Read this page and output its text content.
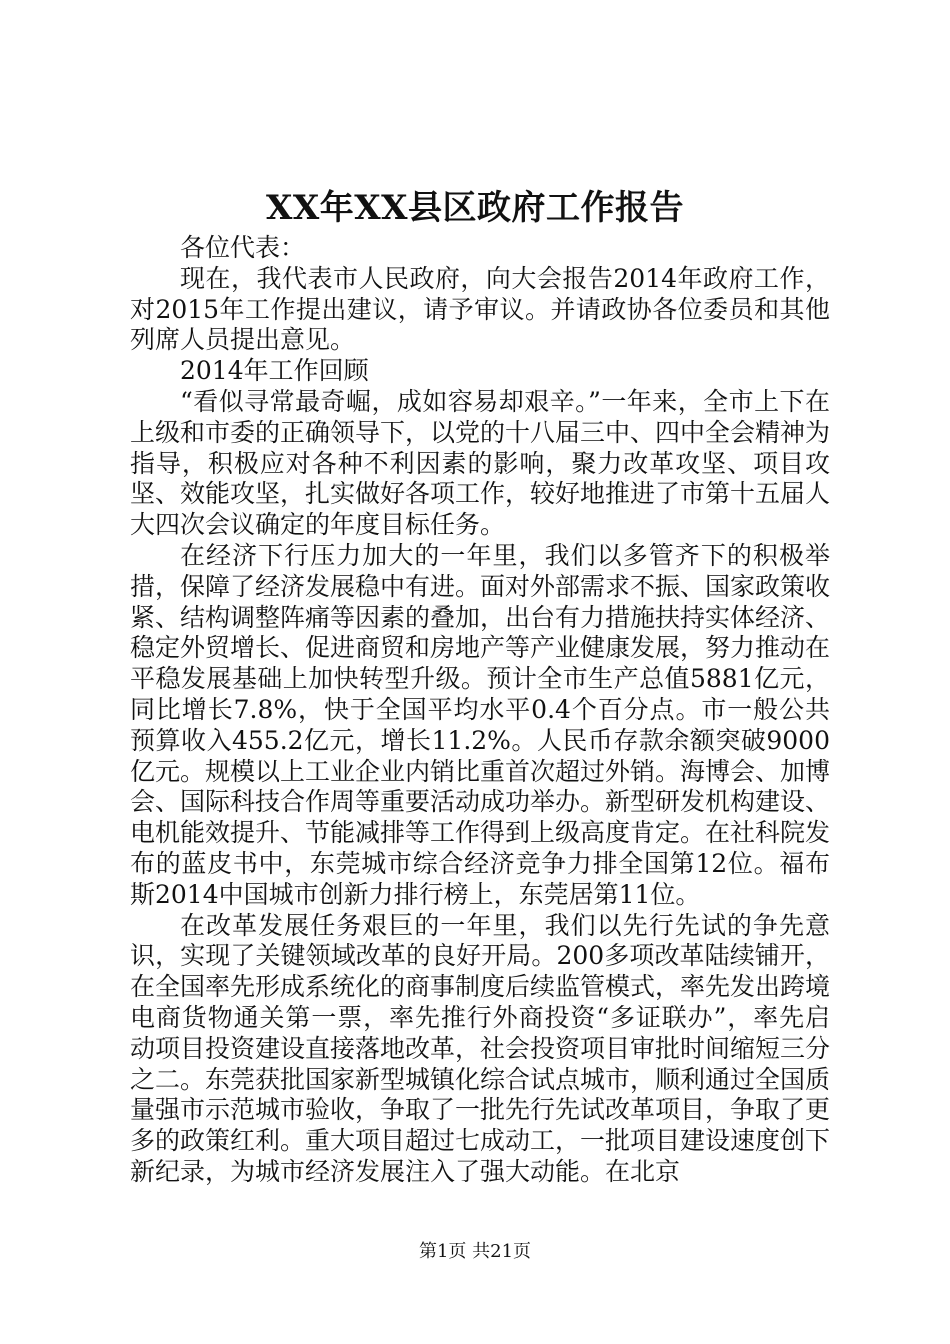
XX年XX县区政府工作报告

各位代表：

现在，我代表市人民政府，向大会报告2014年政府工作，对2015年工作提出建议，请予审议。并请政协各位委员和其他列席人员提出意见。

2014年工作回顾

“看似寻常最奇崛，成如容易却艰辛。”一年来，全市上下在上级和市委的正确领导下，以党的十八届三中、四中全会精神为指导，积极应对各种不利因素的影响，聚力改革攻坚、项目攻坚、效能攻坚，扎实做好各项工作，较好地推进了市第十五届人大四次会议确定的年度目标任务。

在经济下行压力加大的一年里，我们以多管齐下的积极举措，保障了经济发展稳中有进。面对外部需求不振、国家政策收紧、结构调整阵痛等因素的叠加，出台有力措施扶持实体经济、稳定外贸增长、促进商贸和房地产等产业健康发展，努力推动在平稳发展基础上加快转型升级。预计全市生产总值5881亿元，同比增长7.8%，快于全国平均水平0.4个百分点。市一般公共预算收入455.2亿元，增长11.2%。人民币存款余额突破9000亿元。规模以上工业企业内销比重首次超过外销。海博会、加博会、国际科技合作周等重要活动成功举办。新型研发机构建设、电机能效提升、节能减排等工作得到上级高度肯定。在社科院发布的蓝皮书中，东莞城市综合经济竞争力排全国第12位。福布斯2014中国城市创新力排行榜上，东莞居第11位。

在改革发展任务艰巨的一年里，我们以先行先试的争先意识，实现了关键领域改革的良好开局。200多项改革陆续铺开，在全国率先形成系统化的商事制度后续监管模式，率先发出跨境电商货物通关第一票，率先推行外商投资“多证联办”，率先启动项目投资建设直接落地改革，社会投资项目审批时间缩短三分之二。东莞获批国家新型城镇化综合试点城市，顺利通过全国质量强市示范城市验收，争取了一批先行先试改革项目，争取了更多的政策红利。重大项目超过七成动工，一批项目建设速度创下新纪录，为城市经济发展注入了强大动能。在北京

第1页 共21页
